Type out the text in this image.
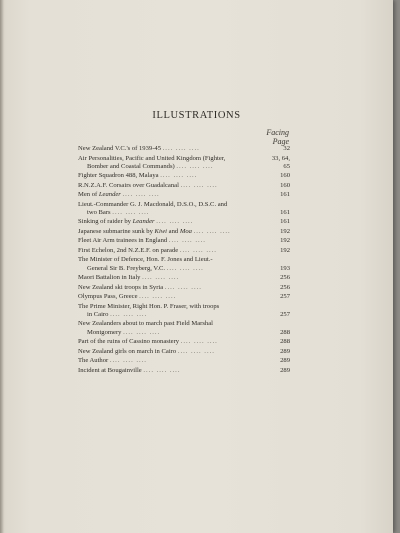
ILLUSTRATIONS
Facing
Page
New Zealand V.C.'s of 1939-45 .... .... ....	32
Air Personalities, Pacific and United Kingdom (Fighter,
Bomber and Coastal Commands) .... .... ....
33, 64, 65
Fighter Squadron 488, Malaya .... .... ....	160
R.N.Z.A.F. Corsairs over Guadalcanal .... .... ....	160
Men of Leander .... .... ....	161
Lieut.-Commander G. J. Macdonald, D.S.O., D.S.C. and
two Bars .... .... ....	161
Sinking of raider by Leander .... .... ....	161
Japanese submarine sunk by Kiwi and Moa .... .... ....	192
Fleet Air Arm trainees in England .... .... ....	192
First Echelon, 2nd N.Z.E.F. on parade .... .... ....	192
The Minister of Defence, Hon. F. Jones and Lieut.-
General Sir B. Freyberg, V.C. .... .... ....	193
Maori Battalion in Italy .... .... ....	256
New Zealand ski troops in Syria .... .... ....	256
Olympus Pass, Greece .... .... ....	257
The Prime Minister, Right Hon. P. Fraser, with troops
in Cairo .... .... ....	257
New Zealanders about to march past Field Marshal
Montgomery .... .... ....	288
Part of the ruins of Cassino monastery .... .... ....	288
New Zealand girls on march in Cairo .... .... ....	289
The Author .... .... ....	289
Incident at Bougainville .... .... ....	289
